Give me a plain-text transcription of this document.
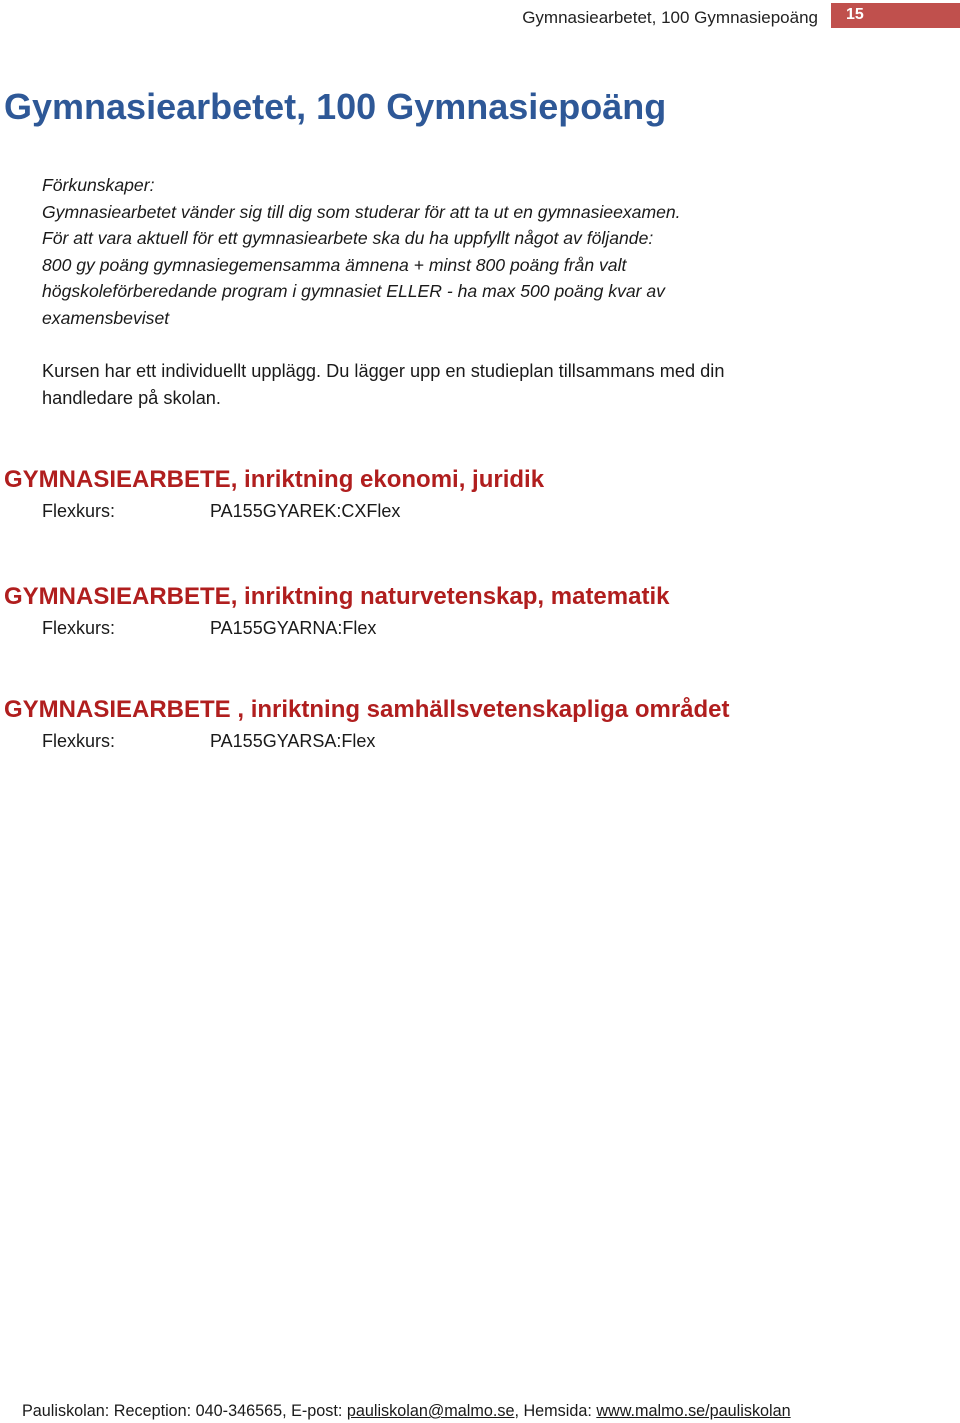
Gymnasiearbetet, 100 Gymnasiepoäng 15
Gymnasiearbetet, 100 Gymnasiepoäng
Förkunskaper:
Gymnasiearbetet vänder sig till dig som studerar för att ta ut en gymnasieexamen.
För att vara aktuell för ett gymnasiearbete ska du ha uppfyllt något av följande:
800 gy poäng gymnasiegemensamma ämnena + minst 800 poäng från valt
högskoleförberedande program i gymnasiet ELLER - ha max 500 poäng kvar av
examensbeviset
Kursen har ett individuellt upplägg. Du lägger upp en studieplan tillsammans med din
handledare på skolan.
GYMNASIEARBETE, inriktning ekonomi, juridik
Flexkurs:	PA155GYAREK:CXFlex
GYMNASIEARBETE, inriktning naturvetenskap, matematik
Flexkurs:	PA155GYARNA:Flex
GYMNASIEARBETE , inriktning samhällsvetenskapliga området
Flexkurs:	PA155GYARSA:Flex
Pauliskolan: Reception: 040-346565, E-post: pauliskolan@malmo.se, Hemsida: www.malmo.se/pauliskolan
